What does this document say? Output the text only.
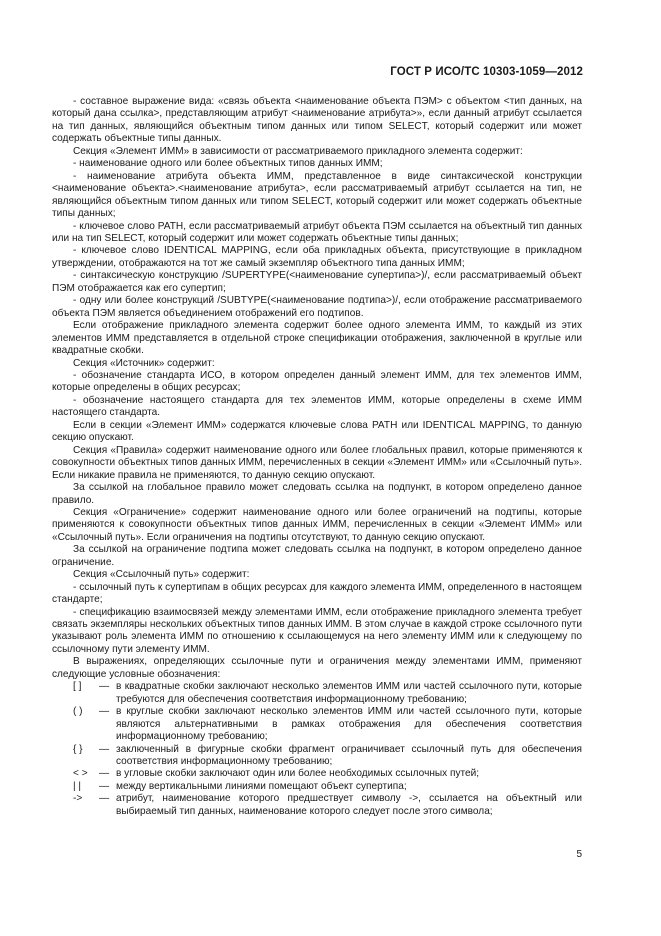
ГОСТ Р ИСО/ТС 10303-1059—2012

- составное выражение вида: «связь объекта <наименование объекта ПЭМ> с объектом <тип данных, на который дана ссылка>, представляющим атрибут <наименование атрибута>», если данный атрибут ссылается на тип данных, являющийся объектным типом данных или типом SELECT, который содержит или может содержать объектные типы данных.

Секция «Элемент ИММ» в зависимости от рассматриваемого прикладного элемента содержит:

- наименование одного или более объектных типов данных ИММ;

- наименование атрибута объекта ИММ, представленное в виде синтаксической конструкции <наименование объекта>.<наименование атрибута>, если рассматриваемый атрибут ссылается на тип, не являющийся объектным типом данных или типом SELECT, который содержит или может содержать объектные типы данных;

- ключевое слово PATH, если рассматриваемый атрибут объекта ПЭМ ссылается на объектный тип данных или на тип SELECT, который содержит или может содержать объектные типы данных;

- ключевое слово IDENTICAL MAPPING, если оба прикладных объекта, присутствующие в прикладном утверждении, отображаются на тот же самый экземпляр объектного типа данных ИММ;

- синтаксическую конструкцию /SUPERTYPE(<наименование супертипа>)/, если рассматриваемый объект ПЭМ отображается как его супертип;

- одну или более конструкций /SUBTYPE(<наименование подтипа>)/, если отображение рассматриваемого объекта ПЭМ является объединением отображений его подтипов.

Если отображение прикладного элемента содержит более одного элемента ИММ, то каждый из этих элементов ИММ представляется в отдельной строке спецификации отображения, заключенной в круглые или квадратные скобки.

Секция «Источник» содержит:

- обозначение стандарта ИСО, в котором определен данный элемент ИММ, для тех элементов ИММ, которые определены в общих ресурсах;

- обозначение настоящего стандарта для тех элементов ИММ, которые определены в схеме ИММ настоящего стандарта.

Если в секции «Элемент ИММ» содержатся ключевые слова PATH или IDENTICAL MAPPING, то данную секцию опускают.

Секция «Правила» содержит наименование одного или более глобальных правил, которые применяются к совокупности объектных типов данных ИММ, перечисленных в секции «Элемент ИММ» или «Ссылочный путь». Если никакие правила не применяются, то данную секцию опускают.

За ссылкой на глобальное правило может следовать ссылка на подпункт, в котором определено данное правило.

Секция «Ограничение» содержит наименование одного или более ограничений на подтипы, которые применяются к совокупности объектных типов данных ИММ, перечисленных в секции «Элемент ИММ» или «Ссылочный путь». Если ограничения на подтипы отсутствуют, то данную секцию опускают.

За ссылкой на ограничение подтипа может следовать ссылка на подпункт, в котором определено данное ограничение.

Секция «Ссылочный путь» содержит:

- ссылочный путь к супертипам в общих ресурсах для каждого элемента ИММ, определенного в настоящем стандарте;

- спецификацию взаимосвязей между элементами ИММ, если отображение прикладного элемента требует связать экземпляры нескольких объектных типов данных ИММ. В этом случае в каждой строке ссылочного пути указывают роль элемента ИММ по отношению к ссылающемуся на него элементу ИММ или к следующему по ссылочному пути элементу ИММ.

В выражениях, определяющих ссылочные пути и ограничения между элементами ИММ, применяют следующие условные обозначения:

[ ]	— в квадратные скобки заключают несколько элементов ИММ или частей ссылочного пути, которые требуются для обеспечения соответствия информационному требованию;
( )	— в круглые скобки заключают несколько элементов ИММ или частей ссылочного пути, которые являются альтернативными в рамках отображения для обеспечения соответствия информационному требованию;
{ }	— заключенный в фигурные скобки фрагмент ограничивает ссылочный путь для обеспечения соответствия информационному требованию;
< >	— в угловые скобки заключают один или более необходимых ссылочных путей;
| |	— между вертикальными линиями помещают объект супертипа;
->	— атрибут, наименование которого предшествует символу ->, ссылается на объектный или выбираемый тип данных, наименование которого следует после этого символа;
5
